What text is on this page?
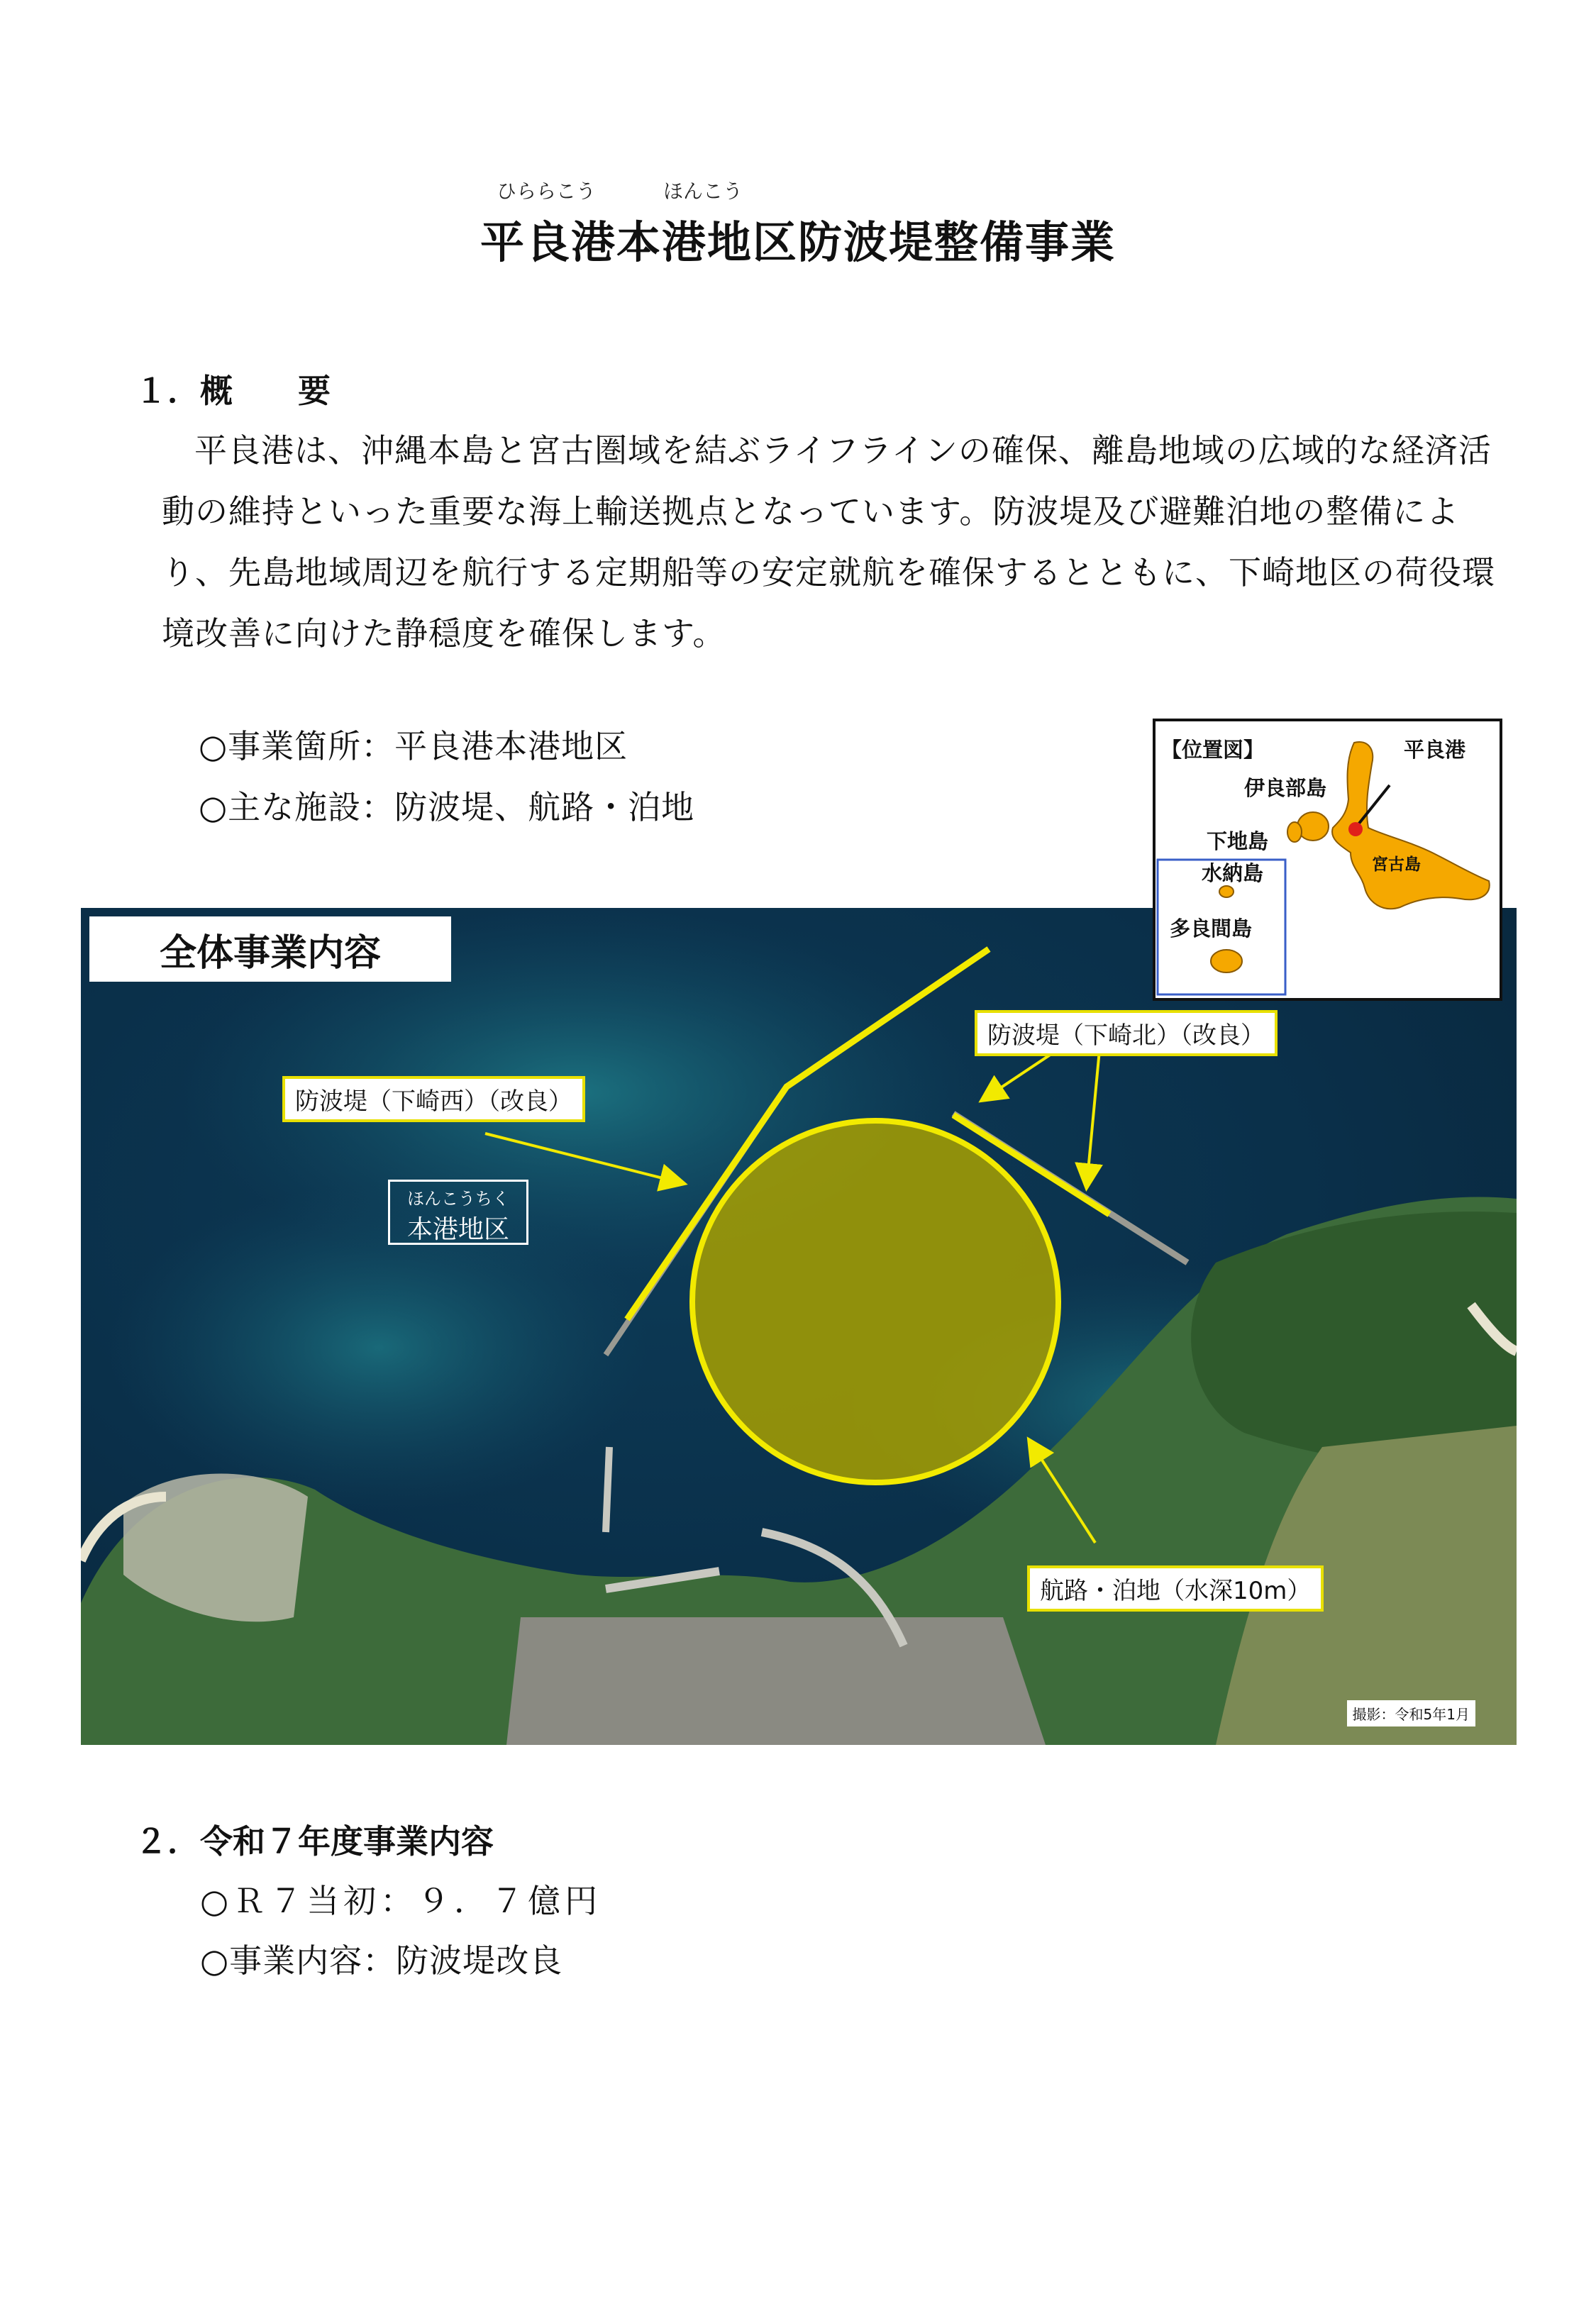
ひららこう	ほんこう
平良港本港地区防波堤整備事業
１．概　　要
平良港は、沖縄本島と宮古圏域を結ぶライフラインの確保、離島地域の広域的な経済活動の維持といった重要な海上輸送拠点となっています。防波堤及び避難泊地の整備により、先島地域周辺を航行する定期船等の安定就航を確保するとともに、下崎地区の荷役環境改善に向けた静穏度を確保します。
○事業箇所：平良港本港地区
○主な施設：防波堤、航路・泊地
全体事業内容
防波堤（下崎西）（改良）
防波堤（下崎北）（改良）
航路・泊地（水深10m）
ほんこうちく
本港地区
撮影：令和5年1月
【位置図】	平良港
伊良部島
下地島
水納島
多良間島
宮古島
２．令和７年度事業内容
○Ｒ７当初：９．７億円
○事業内容：防波堤改良
